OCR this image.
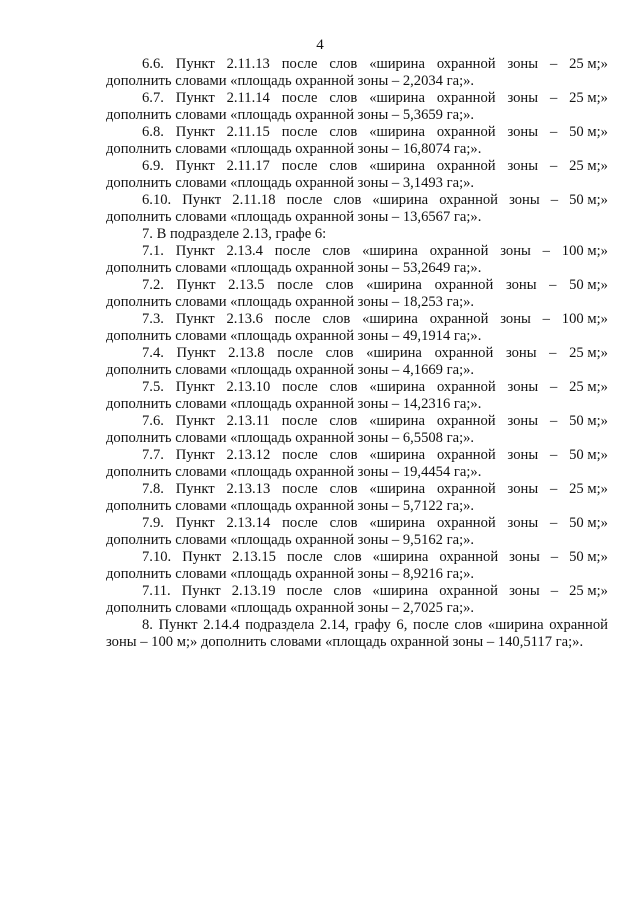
4
6.6. Пункт 2.11.13 после слов «ширина охранной зоны – 25 м;»
дополнить словами «площадь охранной зоны – 2,2034 га;».
6.7. Пункт 2.11.14 после слов «ширина охранной зоны – 25 м;»
дополнить словами «площадь охранной зоны – 5,3659 га;».
6.8. Пункт 2.11.15 после слов «ширина охранной зоны – 50 м;»
дополнить словами «площадь охранной зоны – 16,8074 га;».
6.9. Пункт 2.11.17 после слов «ширина охранной зоны – 25 м;»
дополнить словами «площадь охранной зоны – 3,1493 га;».
6.10. Пункт 2.11.18 после слов «ширина охранной зоны – 50 м;»
дополнить словами «площадь охранной зоны – 13,6567 га;».
7. В подразделе 2.13, графе 6:
7.1. Пункт 2.13.4 после слов «ширина охранной зоны – 100 м;»
дополнить словами «площадь охранной зоны – 53,2649 га;».
7.2. Пункт 2.13.5 после слов «ширина охранной зоны – 50 м;»
дополнить словами «площадь охранной зоны – 18,253 га;».
7.3. Пункт 2.13.6 после слов «ширина охранной зоны – 100 м;»
дополнить словами «площадь охранной зоны – 49,1914 га;».
7.4. Пункт 2.13.8 после слов «ширина охранной зоны – 25 м;»
дополнить словами «площадь охранной зоны – 4,1669 га;».
7.5. Пункт 2.13.10 после слов «ширина охранной зоны – 25 м;»
дополнить словами «площадь охранной зоны – 14,2316 га;».
7.6. Пункт 2.13.11 после слов «ширина охранной зоны – 50 м;»
дополнить словами «площадь охранной зоны – 6,5508 га;».
7.7. Пункт 2.13.12 после слов «ширина охранной зоны – 50 м;»
дополнить словами «площадь охранной зоны – 19,4454 га;».
7.8. Пункт 2.13.13 после слов «ширина охранной зоны – 25 м;»
дополнить словами «площадь охранной зоны – 5,7122 га;».
7.9. Пункт 2.13.14 после слов «ширина охранной зоны – 50 м;»
дополнить словами «площадь охранной зоны – 9,5162 га;».
7.10. Пункт 2.13.15 после слов «ширина охранной зоны – 50 м;»
дополнить словами «площадь охранной зоны – 8,9216 га;».
7.11. Пункт 2.13.19 после слов «ширина охранной зоны – 25 м;»
дополнить словами «площадь охранной зоны – 2,7025 га;».
8. Пункт 2.14.4 подраздела 2.14, графу 6, после слов «ширина охранной
зоны – 100 м;» дополнить словами «площадь охранной зоны – 140,5117 га;».
